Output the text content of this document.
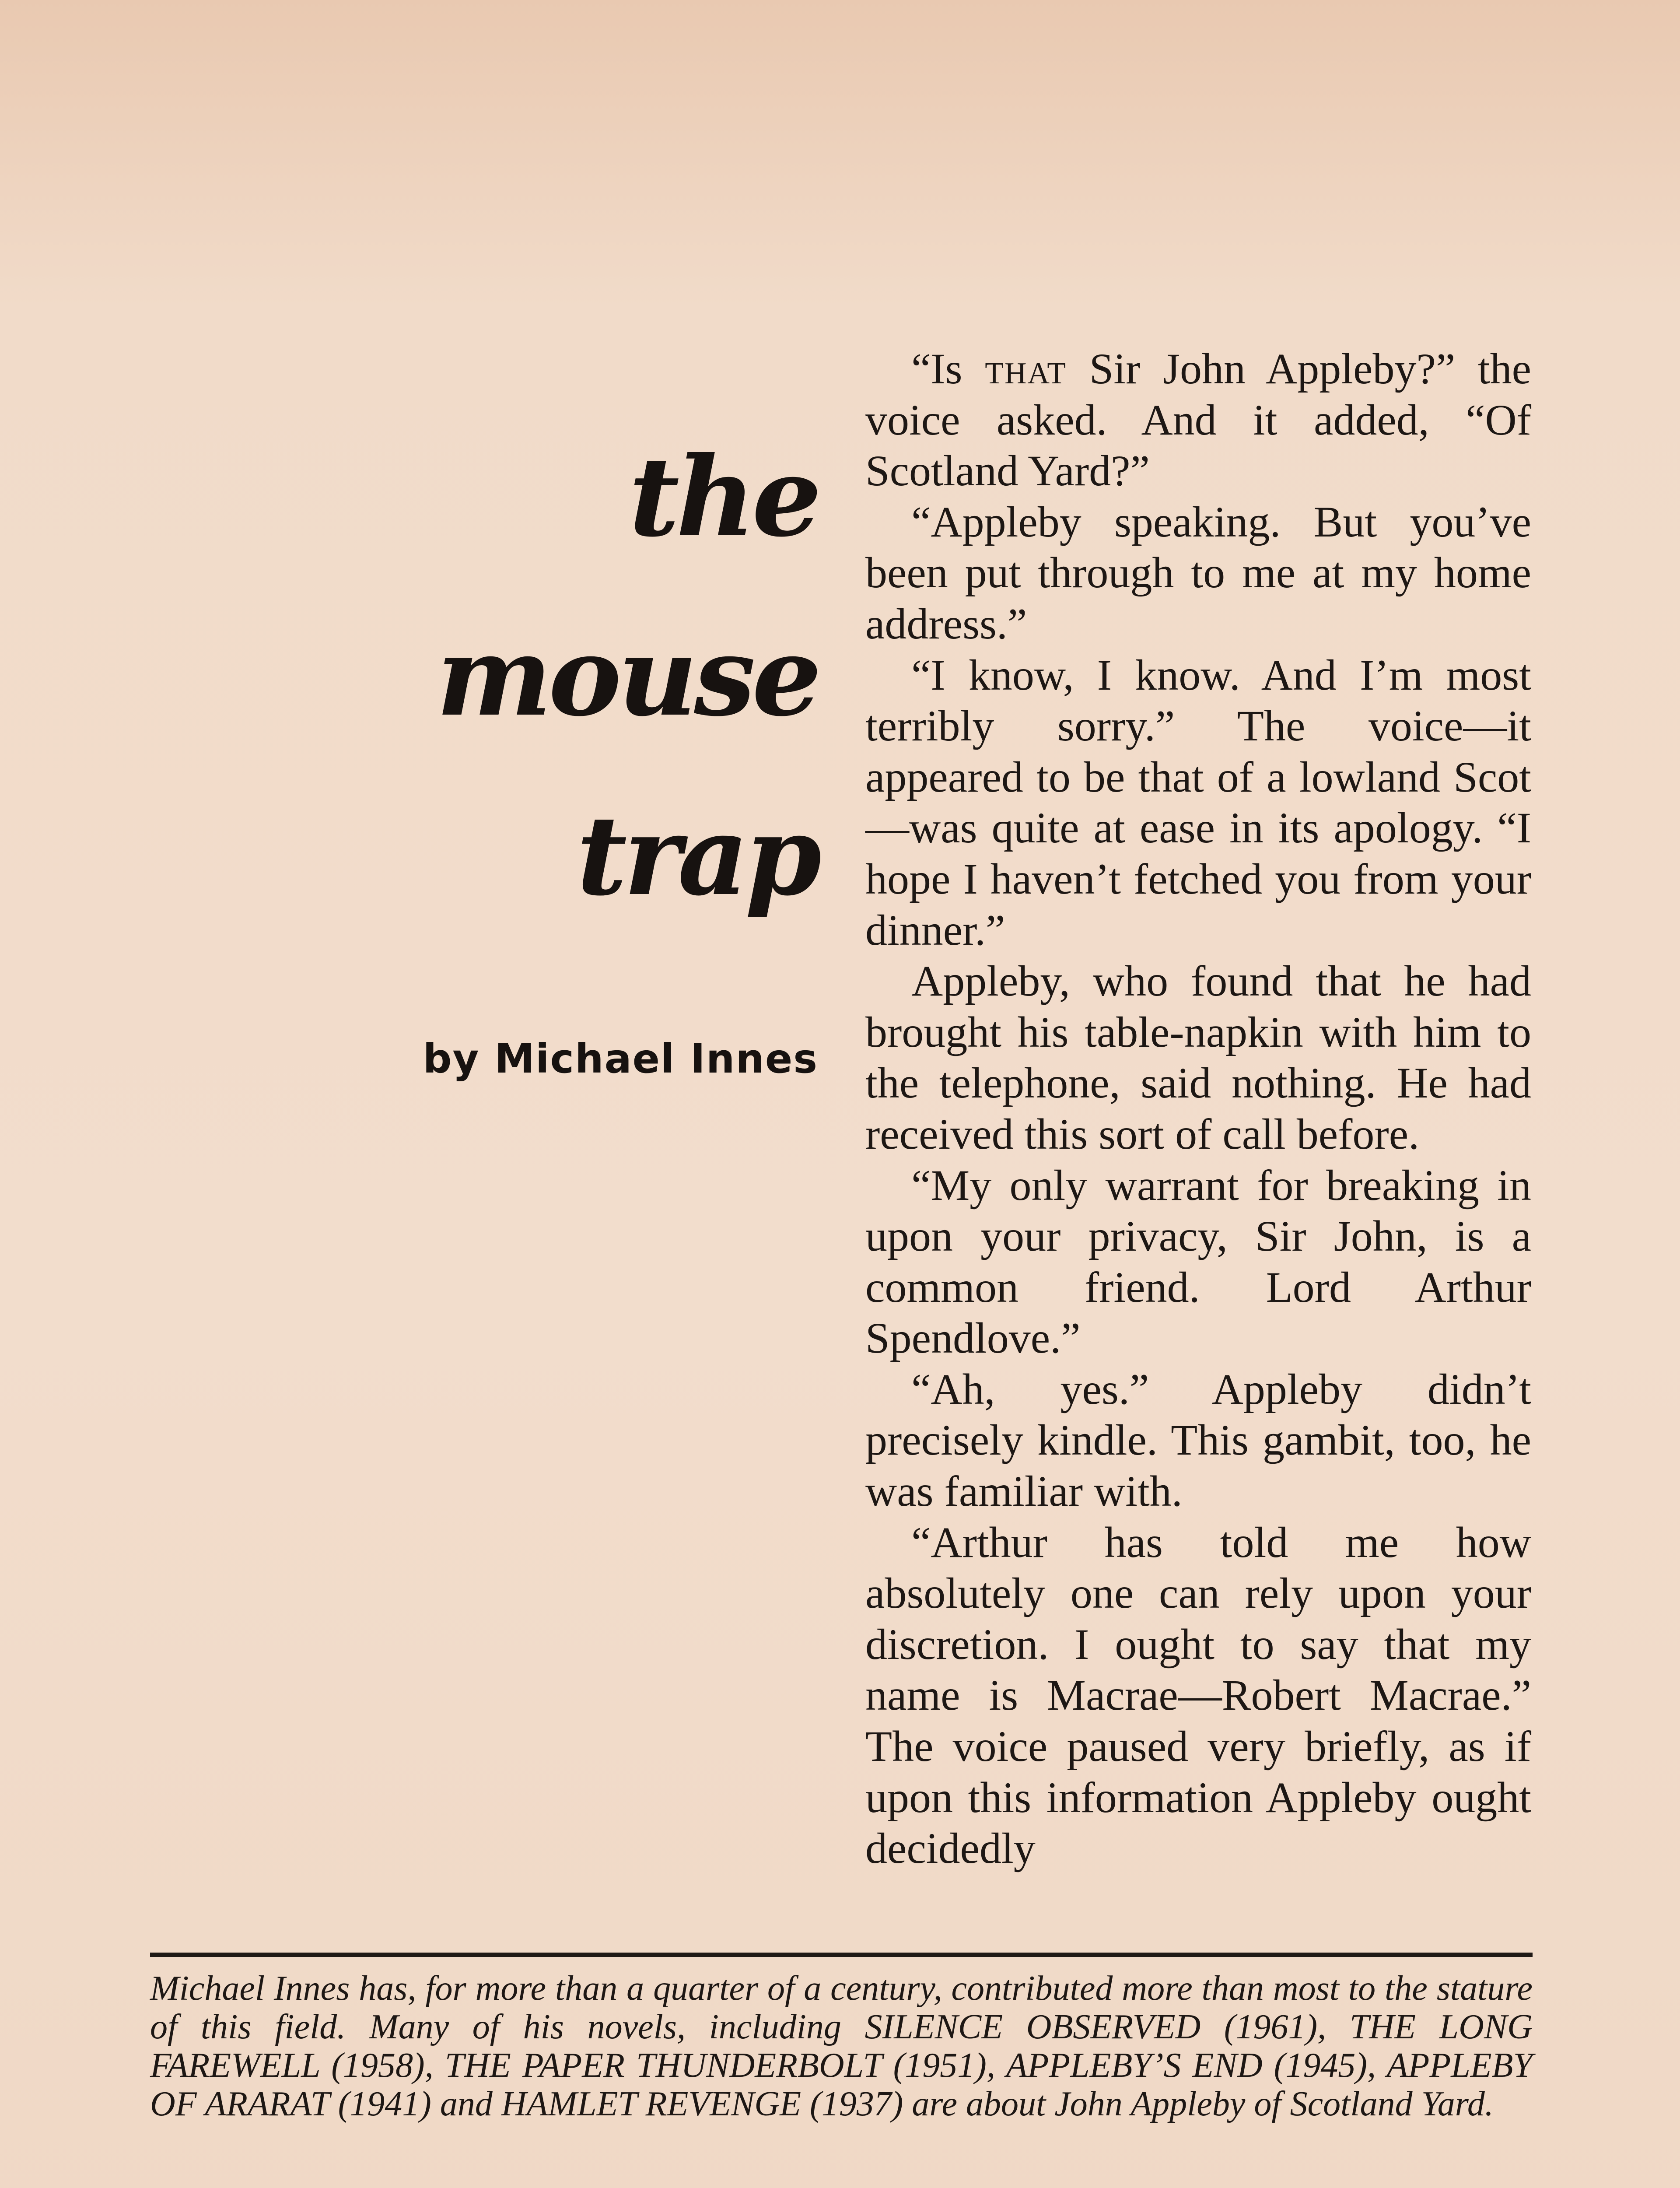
the
mouse
trap
by Michael Innes

“Is that Sir John Appleby?” the voice asked. And it added, “Of Scotland Yard?”

“Appleby speaking. But you’ve been put through to me at my home address.”

“I know, I know. And I’m most terribly sorry.” The voice—it appeared to be that of a lowland Scot—was quite at ease in its apology. “I hope I haven’t fetched you from your dinner.”

Appleby, who found that he had brought his table-napkin with him to the telephone, said nothing. He had received this sort of call before.

“My only warrant for breaking in upon your privacy, Sir John, is a common friend. Lord Arthur Spendlove.”

“Ah, yes.” Appleby didn’t precisely kindle. This gambit, too, he was familiar with.

“Arthur has told me how absolutely one can rely upon your discretion. I ought to say that my name is Macrae—Robert Macrae.” The voice paused very briefly, as if upon this information Appleby ought decidedly

Michael Innes has, for more than a quarter of a century, contributed more than most to the stature of this field. Many of his novels, including SILENCE OBSERVED (1961), THE LONG FAREWELL (1958), THE PAPER THUNDERBOLT (1951), APPLEBY’S END (1945), APPLEBY OF ARARAT (1941) and HAMLET REVENGE (1937) are about John Appleby of Scotland Yard.
